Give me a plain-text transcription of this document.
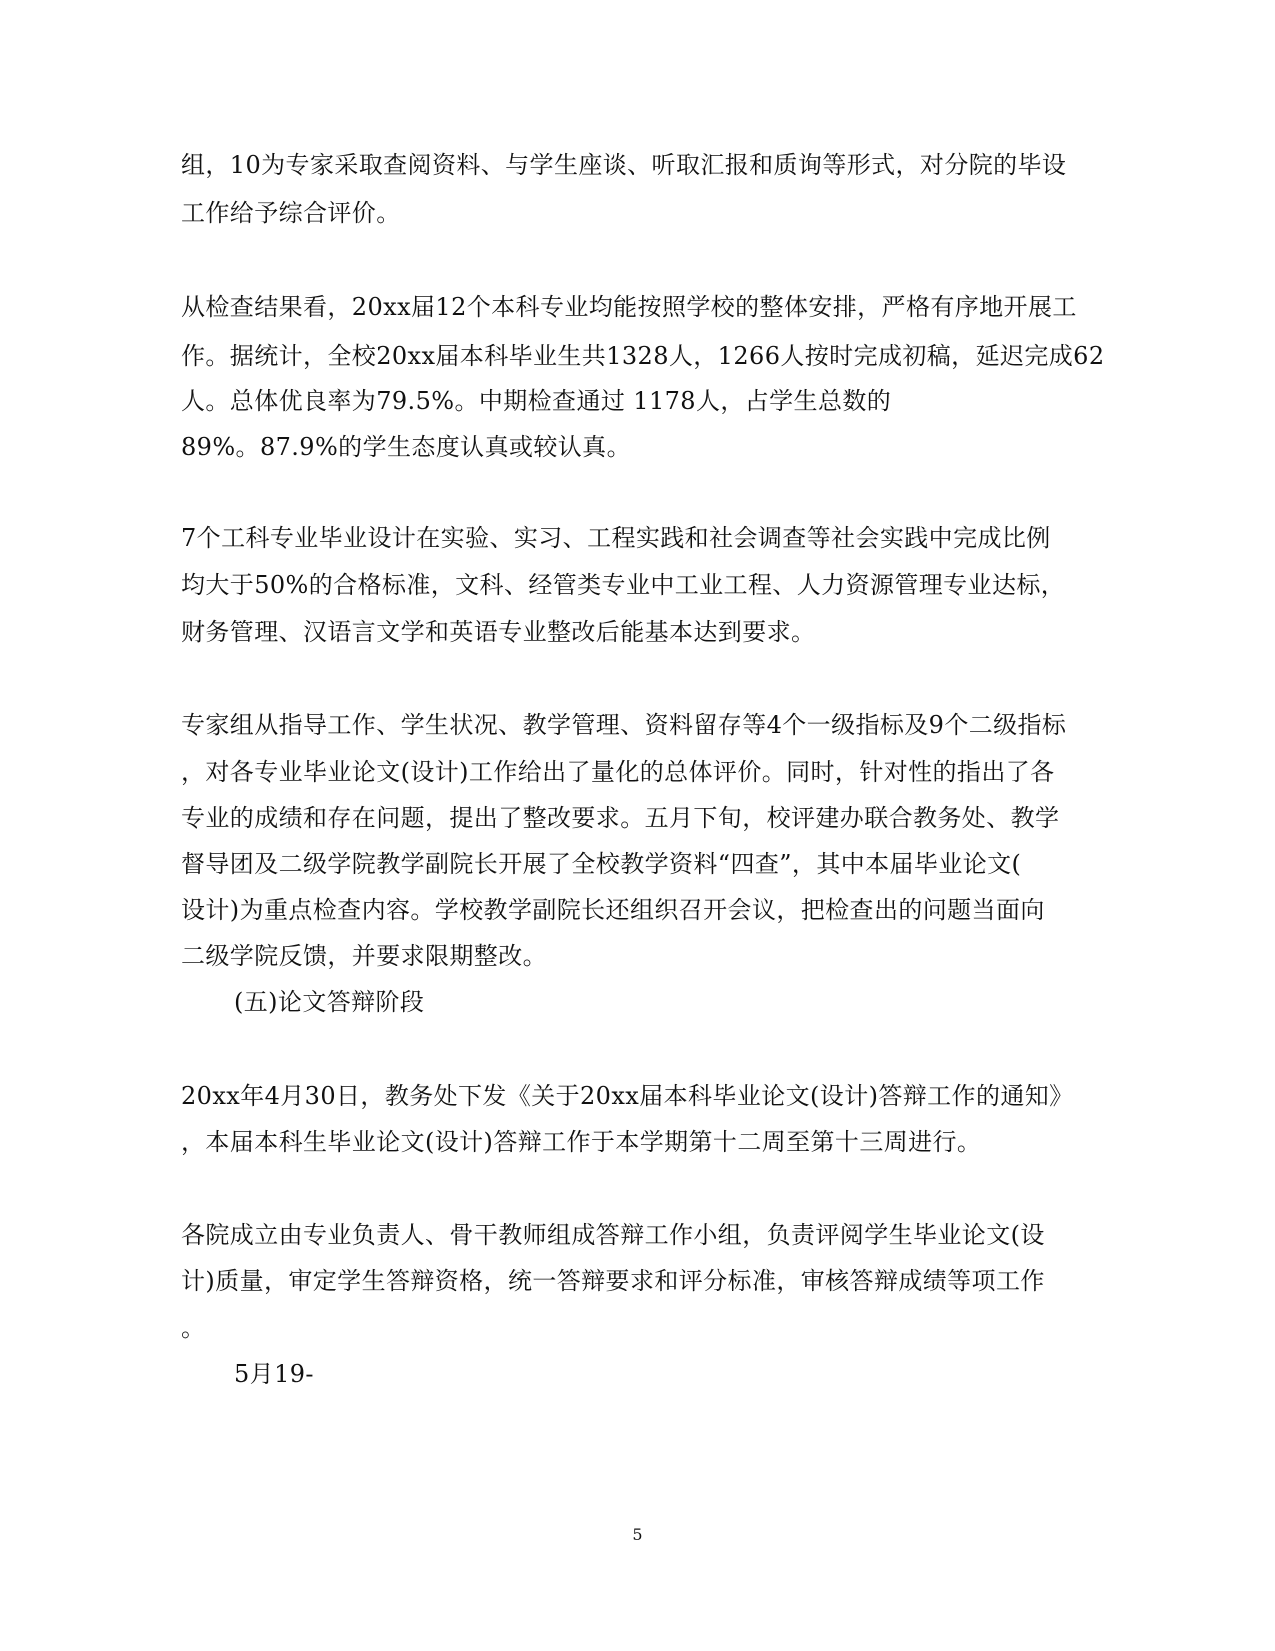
组，10为专家采取查阅资料、与学生座谈、听取汇报和质询等形式，对分院的毕设
工作给予综合评价。
从检查结果看，20xx届12个本科专业均能按照学校的整体安排，严格有序地开展工
作。据统计，全校20xx届本科毕业生共1328人，1266人按时完成初稿，延迟完成62
人。总体优良率为79.5%。中期检查通过 1178人，占学生总数的
89%。87.9%的学生态度认真或较认真。
7个工科专业毕业设计在实验、实习、工程实践和社会调查等社会实践中完成比例
均大于50%的合格标准，文科、经管类专业中工业工程、人力资源管理专业达标，
财务管理、汉语言文学和英语专业整改后能基本达到要求。
专家组从指导工作、学生状况、教学管理、资料留存等4个一级指标及9个二级指标
，对各专业毕业论文(设计)工作给出了量化的总体评价。同时，针对性的指出了各
专业的成绩和存在问题，提出了整改要求。五月下旬，校评建办联合教务处、教学
督导团及二级学院教学副院长开展了全校教学资料“四查”，其中本届毕业论文(
设计)为重点检查内容。学校教学副院长还组织召开会议，把检查出的问题当面向
二级学院反馈，并要求限期整改。
(五)论文答辩阶段
20xx年4月30日，教务处下发《关于20xx届本科毕业论文(设计)答辩工作的通知》
，本届本科生毕业论文(设计)答辩工作于本学期第十二周至第十三周进行。
各院成立由专业负责人、骨干教师组成答辩工作小组，负责评阅学生毕业论文(设
计)质量，审定学生答辩资格，统一答辩要求和评分标准，审核答辩成绩等项工作
。
5月19-
5
